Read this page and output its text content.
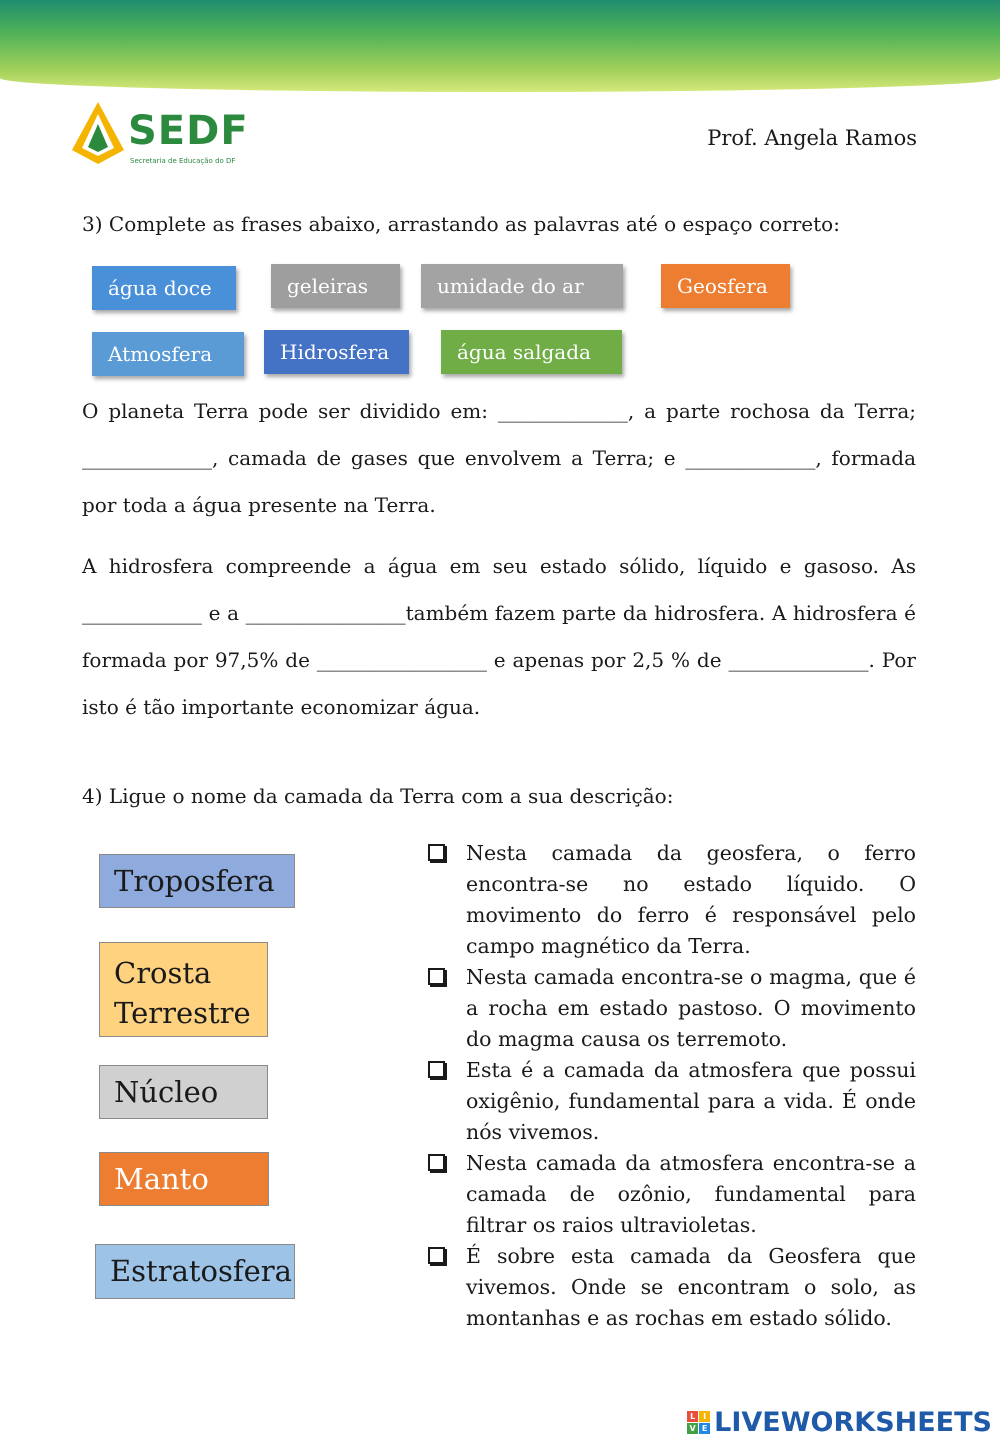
SEDF
Secretaria de Educação do DF
Prof. Angela Ramos
3) Complete as frases abaixo, arrastando as palavras até o espaço correto:
água doce	geleiras	umidade do ar	Geosfera
Atmosfera	Hidrosfera	água salgada
O planeta Terra pode ser dividido em: _____________, a parte rochosa da Terra; _____________, camada de gases que envolvem a Terra; e _____________, formada por toda a água presente na Terra.
A hidrosfera compreende a água em seu estado sólido, líquido e gasoso. As ____________ e a ________________também fazem parte da hidrosfera. A hidrosfera é formada por 97,5% de _________________ e apenas por 2,5 % de ______________. Por isto é tão importante economizar água.
4) Ligue o nome da camada da Terra com a sua descrição:
Troposfera
Crosta Terrestre
Núcleo
Manto
Estratosfera
Nesta camada da geosfera, o ferro encontra-se no estado líquido. O movimento do ferro é responsável pelo campo magnético da Terra.
Nesta camada encontra-se o magma, que é a rocha em estado pastoso. O movimento do magma causa os terremoto.
Esta é a camada da atmosfera que possui oxigênio, fundamental para a vida. É onde nós vivemos.
Nesta camada da atmosfera encontra-se a camada de ozônio, fundamental para filtrar os raios ultravioletas.
É sobre esta camada da Geosfera que vivemos. Onde se encontram o solo, as montanhas e as rochas em estado sólido.
L I
V E LIVEWORKSHEETS
